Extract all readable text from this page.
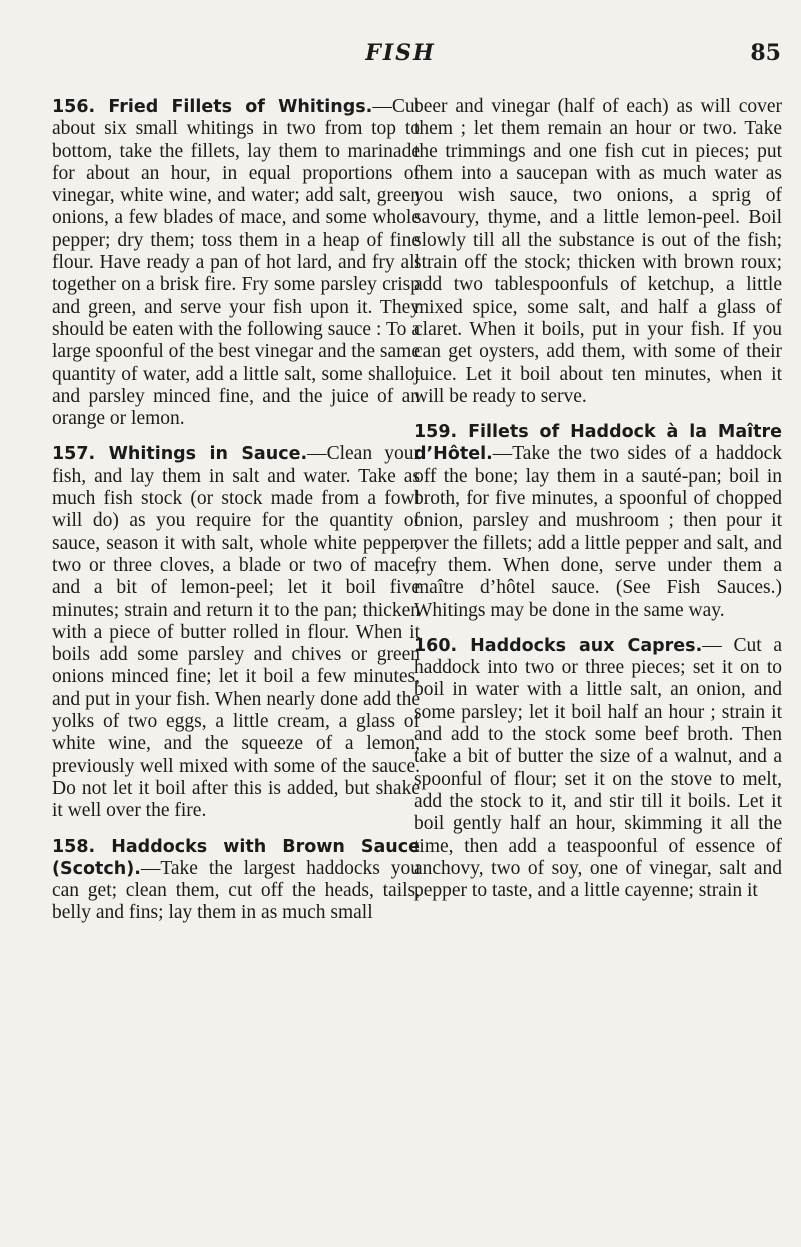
FISH	85

156. Fried Fillets of Whitings.—Cut about six small whitings in two from top to bottom, take the fillets, lay them to marinade for about an hour, in equal proportions of vinegar, white wine, and water; add salt, green onions, a few blades of mace, and some whole pepper; dry them; toss them in a heap of fine flour. Have ready a pan of hot lard, and fry all together on a brisk fire. Fry some parsley crisp and green, and serve your fish upon it. They should be eaten with the following sauce : To a large spoonful of the best vinegar and the same quantity of water, add a little salt, some shallot and parsley minced fine, and the juice of an orange or lemon.

157. Whitings in Sauce.—Clean your fish, and lay them in salt and water. Take as much fish stock (or stock made from a fowl will do) as you require for the quantity of sauce, season it with salt, whole white pepper, two or three cloves, a blade or two of mace, and a bit of lemon-peel; let it boil five minutes; strain and return it to the pan; thicken with a piece of butter rolled in flour. When it boils add some parsley and chives or green onions minced fine; let it boil a few minutes, and put in your fish. When nearly done add the yolks of two eggs, a little cream, a glass of white wine, and the squeeze of a lemon, previously well mixed with some of the sauce. Do not let it boil after this is added, but shake it well over the fire.

158. Haddocks with Brown Sauce (Scotch).—Take the largest haddocks you can get; clean them, cut off the heads, tails, belly and fins; lay them in as much small

beer and vinegar (half of each) as will cover them ; let them remain an hour or two. Take the trimmings and one fish cut in pieces; put them into a saucepan with as much water as you wish sauce, two onions, a sprig of savoury, thyme, and a little lemon-peel. Boil slowly till all the substance is out of the fish; strain off the stock; thicken with brown roux; add two tablespoonfuls of ketchup, a little mixed spice, some salt, and half a glass of claret. When it boils, put in your fish. If you can get oysters, add them, with some of their juice. Let it boil about ten minutes, when it will be ready to serve.

159. Fillets of Haddock à la Maître d’Hôtel.—Take the two sides of a haddock off the bone; lay them in a sauté-pan; boil in broth, for five minutes, a spoonful of chopped onion, parsley and mushroom ; then pour it over the fillets; add a little pepper and salt, and fry them. When done, serve under them a maître d’hôtel sauce. (See Fish Sauces.) Whitings may be done in the same way.

160. Haddocks aux Capres.— Cut a haddock into two or three pieces; set it on to boil in water with a little salt, an onion, and some parsley; let it boil half an hour ; strain it and add to the stock some beef broth. Then take a bit of butter the size of a walnut, and a spoonful of flour; set it on the stove to melt, add the stock to it, and stir till it boils. Let it boil gently half an hour, skimming it all the time, then add a teaspoonful of essence of anchovy, two of soy, one of vinegar, salt and pepper to taste, and a little cayenne; strain it
